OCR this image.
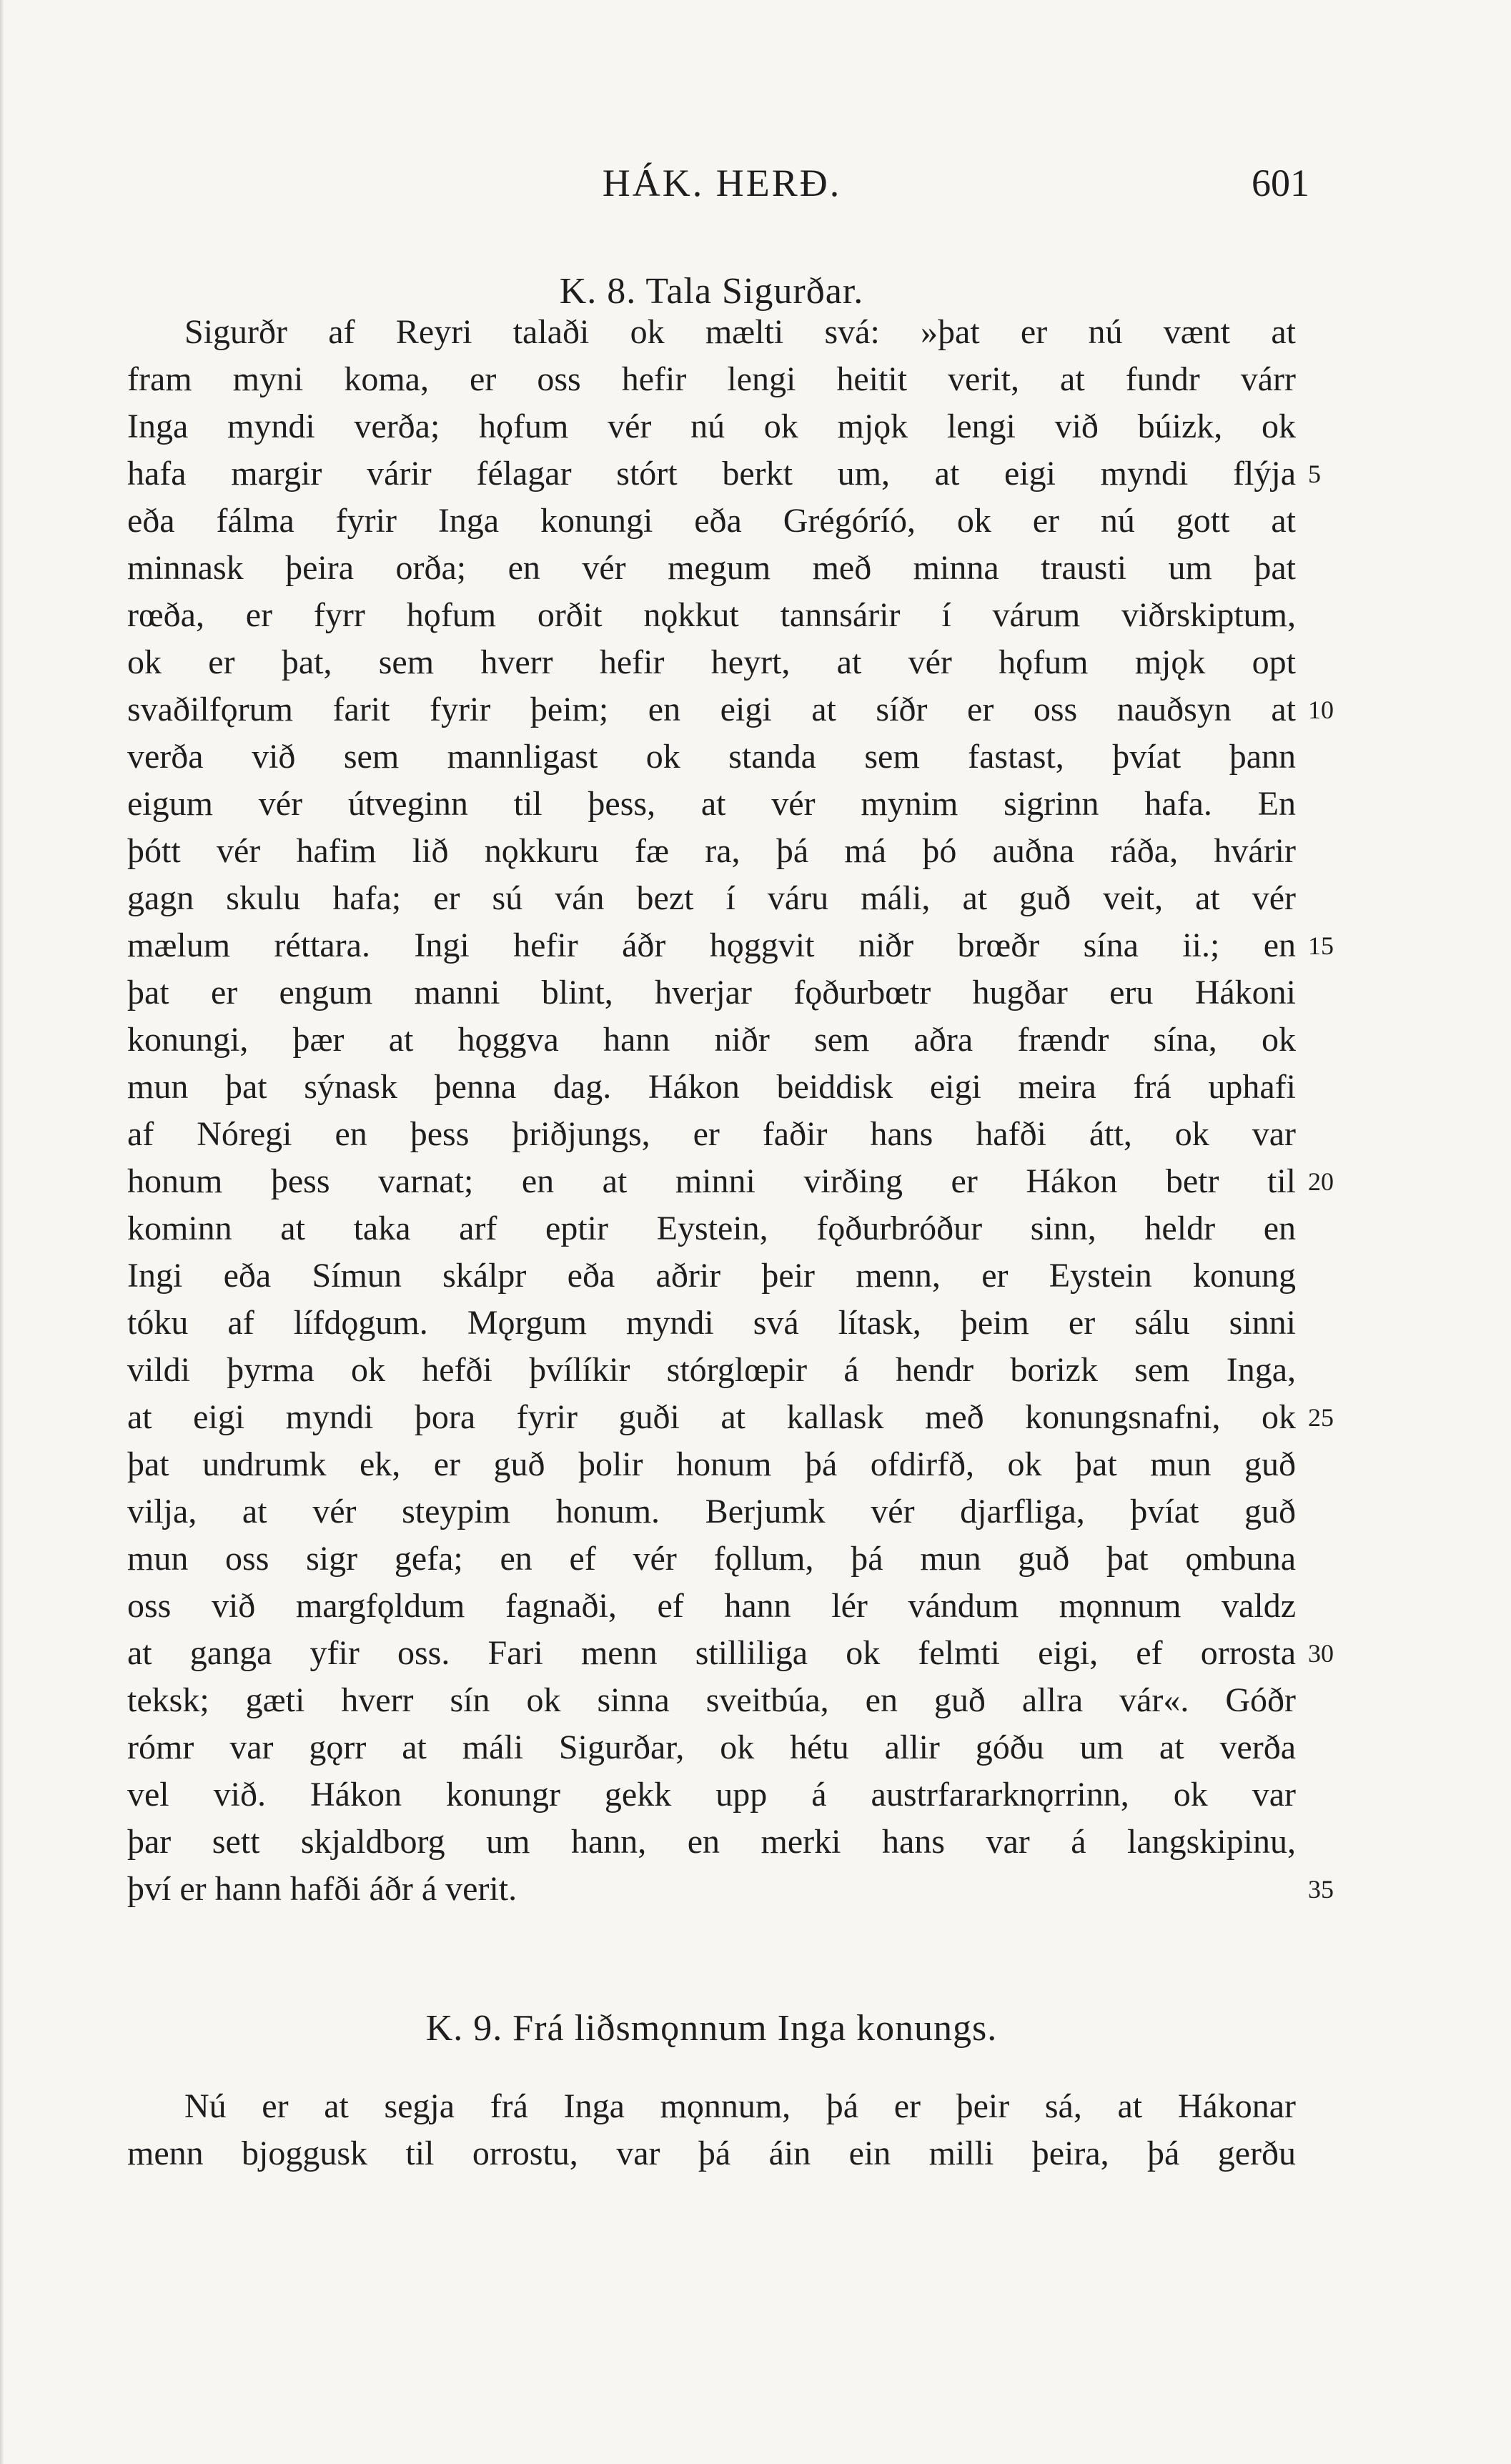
HÁK. HERÐ.	601
K. 8. Tala Sigurðar.
Sigurðr af Reyri talaði ok mælti svá: »þat er nú vænt at
fram myni koma, er oss hefir lengi heitit verit, at fundr várr
Inga myndi verða; hǫfum vér nú ok mjǫk lengi við búizk, ok
hafa margir várir félagar stórt berkt um, at eigi myndi flýja 5
eða fálma fyrir Inga konungi eða Grégóríó, ok er nú gott at
minnask þeira orða; en vér megum með minna trausti um þat
rœða, er fyrr hǫfum orðit nǫkkut tannsárir í várum viðrskiptum,
ok er þat, sem hverr hefir heyrt, at vér hǫfum mjǫk opt
svaðilfǫrum farit fyrir þeim; en eigi at síðr er oss nauðsyn at 10
verða við sem mannligast ok standa sem fastast, þvíat þann
eigum vér útveginn til þess, at vér mynim sigrinn hafa. En
þótt vér hafim lið nǫkkuru fæ ra, þá má þó auðna ráða, hvárir
gagn skulu hafa; er sú ván bezt í váru máli, at guð veit, at vér
mælum réttara. Ingi hefir áðr hǫggvit niðr brœðr sína ii.; en 15
þat er engum manni blint, hverjar fǫðurbœtr hugðar eru Hákoni
konungi, þær at hǫggva hann niðr sem aðra frændr sína, ok
mun þat sýnask þenna dag. Hákon beiddisk eigi meira frá uphafi
af Nóregi en þess þriðjungs, er faðir hans hafði átt, ok var
honum þess varnat; en at minni virðing er Hákon betr til 20
kominn at taka arf eptir Eystein, fǫðurbróður sinn, heldr en
Ingi eða Símun skálpr eða aðrir þeir menn, er Eystein konung
tóku af lífdǫgum. Mǫrgum myndi svá lítask, þeim er sálu sinni
vildi þyrma ok hefði þvílíkir stórglœpir á hendr borizk sem Inga,
at eigi myndi þora fyrir guði at kallask með konungsnafni, ok 25
þat undrumk ek, er guð þolir honum þá ofdirfð, ok þat mun guð
vilja, at vér steypim honum. Berjumk vér djarfliga, þvíat guð
mun oss sigr gefa; en ef vér fǫllum, þá mun guð þat ǫmbuna
oss við margfǫldum fagnaði, ef hann lér vándum mǫnnum valdz
at ganga yfir oss. Fari menn stilliliga ok felmti eigi, ef orrosta 30
teksk; gæti hverr sín ok sinna sveitbúa, en guð allra vár«. Góðr
rómr var gǫrr at máli Sigurðar, ok hétu allir góðu um at verða
vel við. Hákon konungr gekk upp á austrfararknǫrrinn, ok var
þar sett skjaldborg um hann, en merki hans var á langskipinu,
því er hann hafði áðr á verit.	35
K. 9. Frá liðsmǫnnum Inga konungs.
Nú er at segja frá Inga mǫnnum, þá er þeir sá, at Hákonar
menn bjoggusk til orrostu, var þá áin ein milli þeira, þá gerðu
